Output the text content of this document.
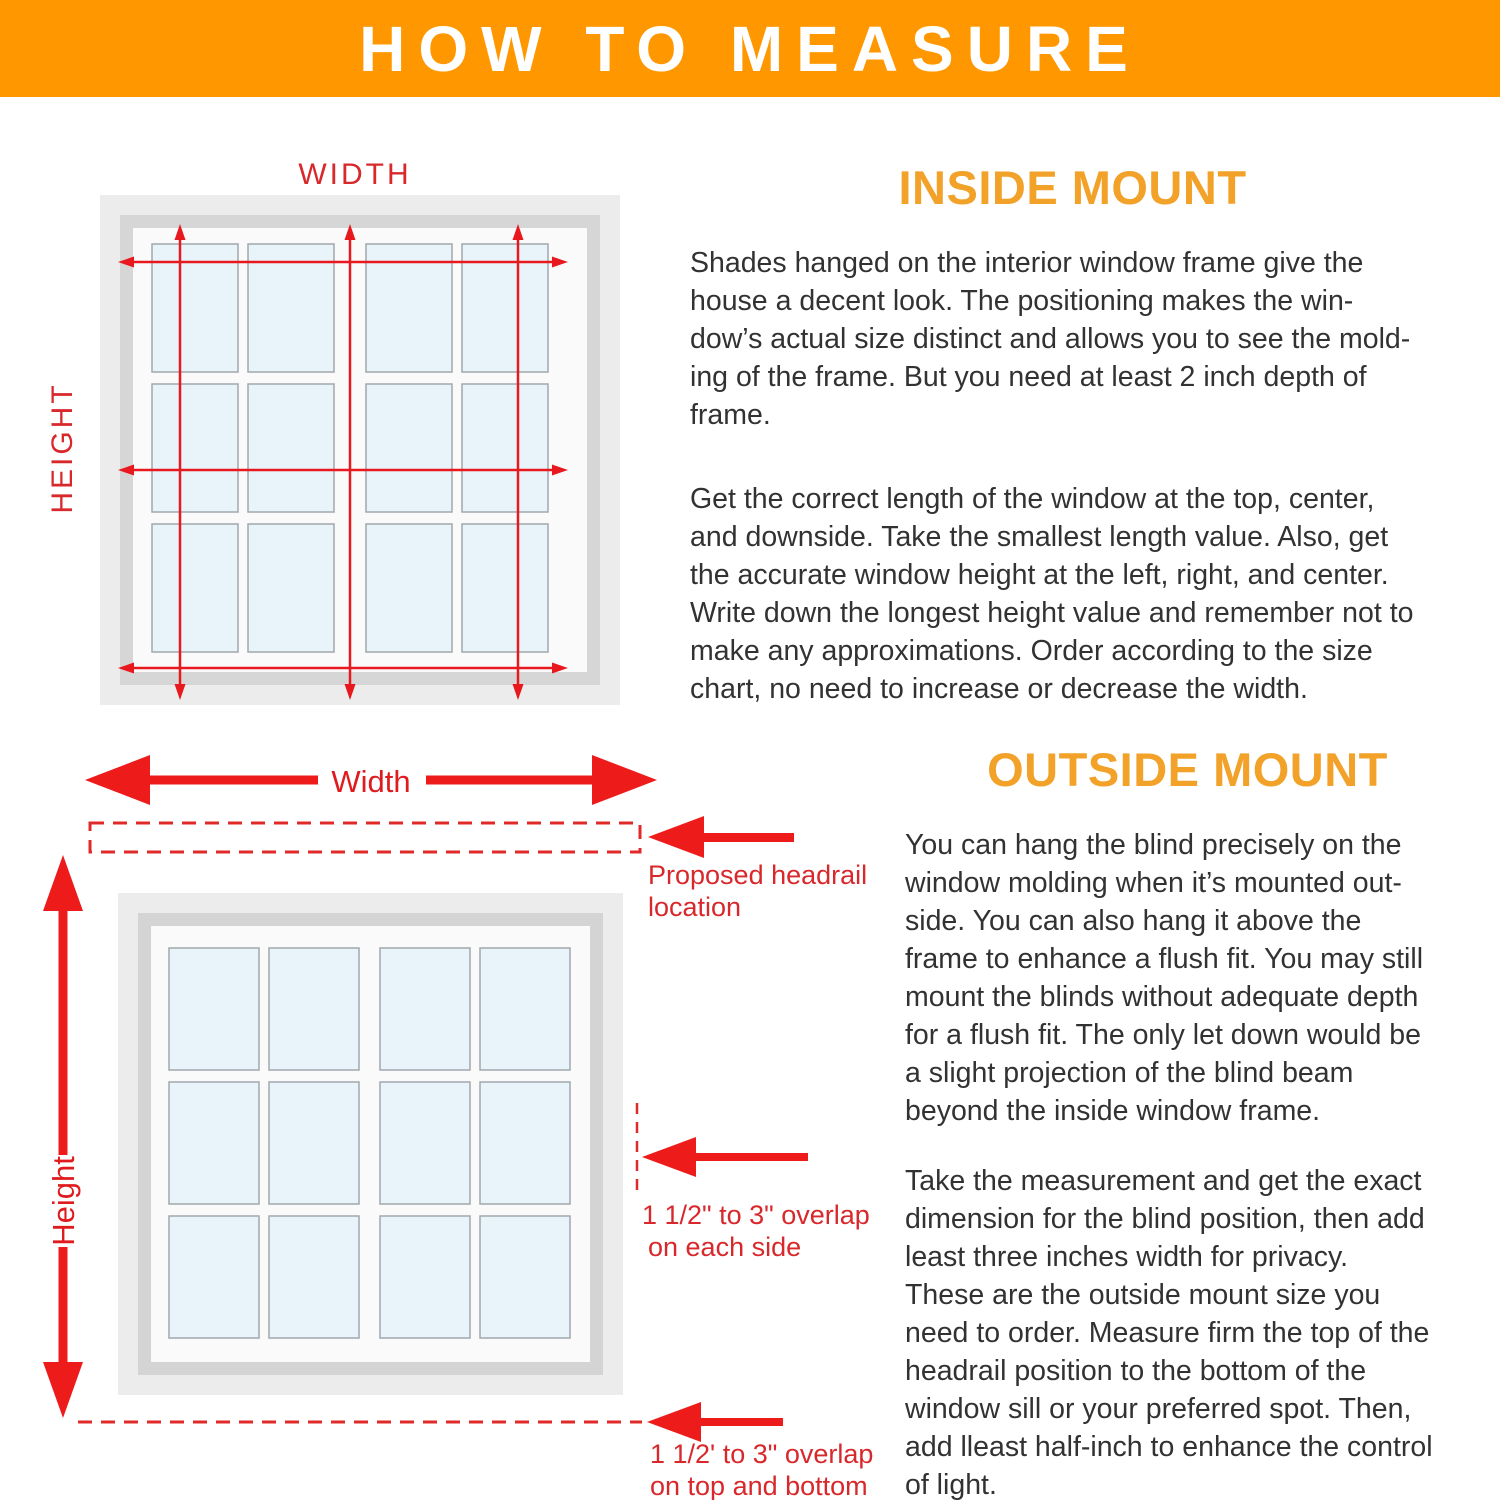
HOW TO MEASURE
WIDTH
HEIGHT
Width
Proposed headrail
location
Height	1 1/2" to 3" overlap
on each side
1 1/2' to 3" overlap
on top and bottom
INSIDE MOUNT
Shades hanged on the interior window frame give the
house a decent look. The positioning makes the win-
dow’s actual size distinct and allows you to see the mold-
ing of the frame. But you need at least 2 inch depth of
frame.
Get the correct length of the window at the top, center,
and downside. Take the smallest length value. Also, get
the accurate window height at the left, right, and center.
Write down the longest height value and remember not to
make any approximations. Order according to the size
chart, no need to increase or decrease the width.
OUTSIDE MOUNT
You can hang the blind precisely on the
window molding when it’s mounted out-
side. You can also hang it above the
frame to enhance a flush fit. You may still
mount the blinds without adequate depth
for a flush fit. The only let down would be
a slight projection of the blind beam
beyond the inside window frame.
Take the measurement and get the exact
dimension for the blind position, then add
least three inches width for privacy.
These are the outside mount size you
need to order. Measure firm the top of the
headrail position to the bottom of the
window sill or your preferred spot. Then,
add lleast half-inch to enhance the control
of light.
